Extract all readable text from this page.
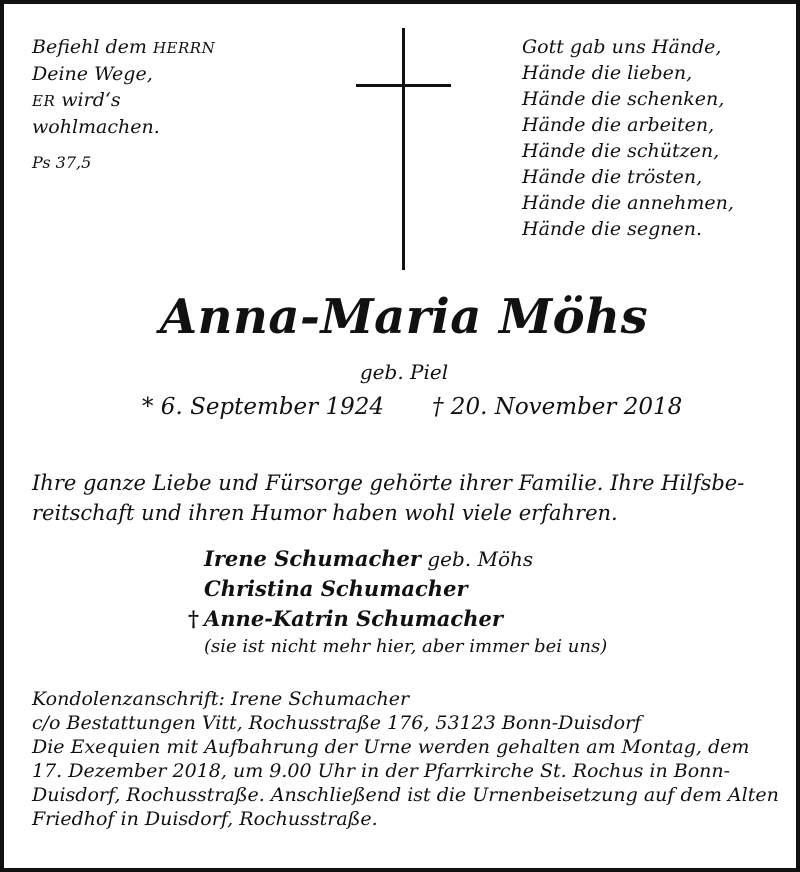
Befiehl dem HERRN
Deine Wege,
ER wird‘s
wohlmachen.
Ps 37,5
Gott gab uns Hände,
Hände die lieben,
Hände die schenken,
Hände die arbeiten,
Hände die schützen,
Hände die trösten,
Hände die annehmen,
Hände die segnen.
Anna-Maria Möhs
geb. Piel
* 6. September 1924 † 20. November 2018
Ihre ganze Liebe und Fürsorge gehörte ihrer Familie. Ihre Hilfsbe-
reitschaft und ihren Humor haben wohl viele erfahren.
Irene Schumacher geb. Möhs
Christina Schumacher
† Anne-Katrin Schumacher
(sie ist nicht mehr hier, aber immer bei uns)
Kondolenzanschrift: Irene Schumacher
c/o Bestattungen Vitt, Rochusstraße 176, 53123 Bonn-Duisdorf
Die Exequien mit Aufbahrung der Urne werden gehalten am Montag, dem
17. Dezember 2018, um 9.00 Uhr in der Pfarrkirche St. Rochus in Bonn-
Duisdorf, Rochusstraße. Anschließend ist die Urnenbeisetzung auf dem Alten
Friedhof in Duisdorf, Rochusstraße.
